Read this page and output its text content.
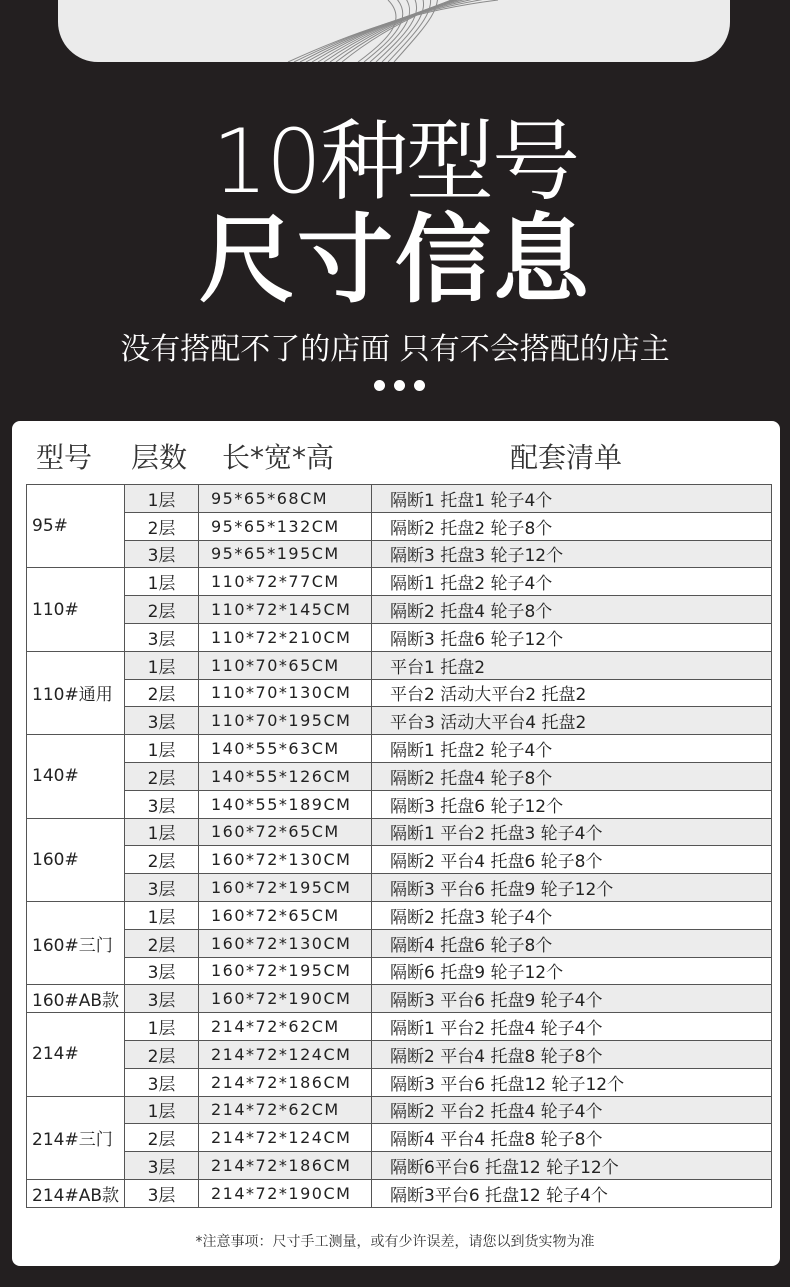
10种型号
尺寸信息
没有搭配不了的店面 只有不会搭配的店主
型号 层数 长*宽*高	配套清单
95#	1层	95*65*68CM	隔断1 托盘1 轮子4个
	2层	95*65*132CM	隔断2 托盘2 轮子8个
	3层	95*65*195CM	隔断3 托盘3 轮子12个
110#	1层	110*72*77CM	隔断1 托盘2 轮子4个
	2层	110*72*145CM	隔断2 托盘4 轮子8个
	3层	110*72*210CM	隔断3 托盘6 轮子12个
110#通用	1层	110*70*65CM	平台1 托盘2
	2层	110*70*130CM	平台2 活动大平台2 托盘2
	3层	110*70*195CM	平台3 活动大平台4 托盘2
140#	1层	140*55*63CM	隔断1 托盘2 轮子4个
	2层	140*55*126CM	隔断2 托盘4 轮子8个
	3层	140*55*189CM	隔断3 托盘6 轮子12个
160#	1层	160*72*65CM	隔断1 平台2 托盘3 轮子4个
	2层	160*72*130CM	隔断2 平台4 托盘6 轮子8个
	3层	160*72*195CM	隔断3 平台6 托盘9 轮子12个
160#三门	1层	160*72*65CM	隔断2 托盘3 轮子4个
	2层	160*72*130CM	隔断4 托盘6 轮子8个
	3层	160*72*195CM	隔断6 托盘9 轮子12个
160#AB款	3层	160*72*190CM	隔断3 平台6 托盘9 轮子4个
214#	1层	214*72*62CM	隔断1 平台2 托盘4 轮子4个
	2层	214*72*124CM	隔断2 平台4 托盘8 轮子8个
	3层	214*72*186CM	隔断3 平台6 托盘12 轮子12个
214#三门	1层	214*72*62CM	隔断2 平台2 托盘4 轮子4个
	2层	214*72*124CM	隔断4 平台4 托盘8 轮子8个
	3层	214*72*186CM	隔断6平台6 托盘12 轮子12个
214#AB款	3层	214*72*190CM	隔断3平台6 托盘12 轮子4个
*注意事项：尺寸手工测量，或有少许误差，请您以到货实物为准
